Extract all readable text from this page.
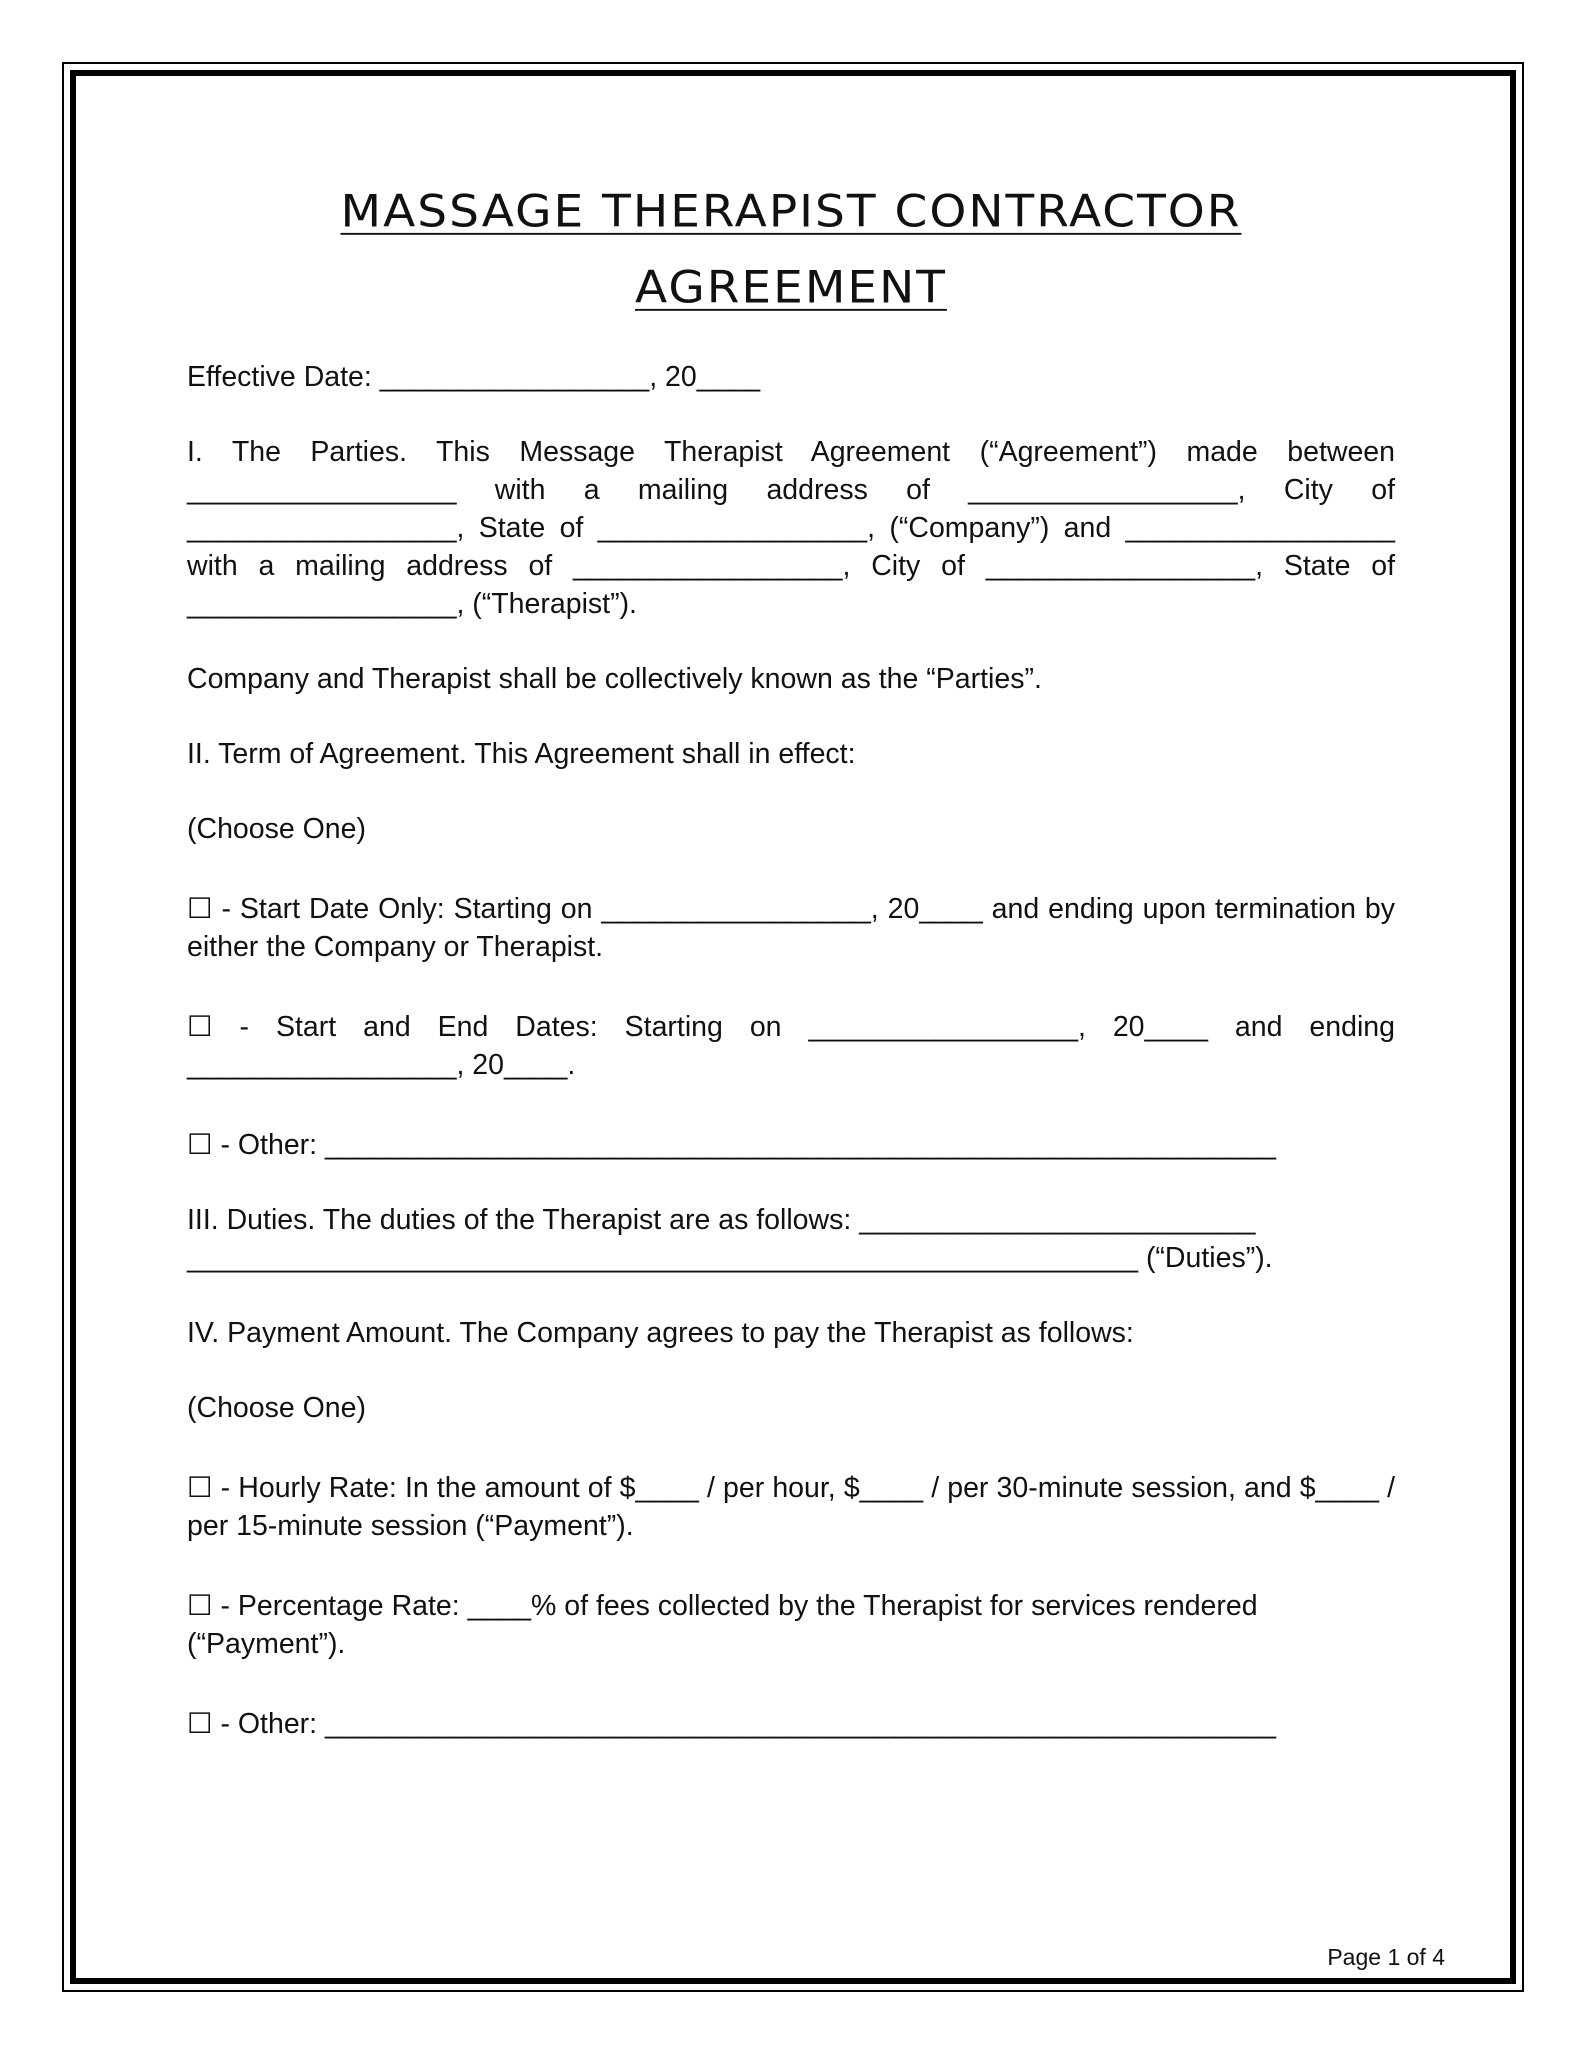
MASSAGE THERAPIST CONTRACTOR
AGREEMENT

Effective Date: _________________, 20____

I. The Parties. This Message Therapist Agreement (“Agreement”) made between _________________ with a mailing address of _________________, City of _________________, State of _________________, (“Company”) and _________________ with a mailing address of _________________, City of _________________, State of _________________, (“Therapist”).

Company and Therapist shall be collectively known as the “Parties”.

II. Term of Agreement. This Agreement shall in effect:

(Choose One)

☐ - Start Date Only: Starting on _________________, 20____ and ending upon termination by either the Company or Therapist.

☐ - Start and End Dates: Starting on _________________, 20____ and ending _________________, 20____.

☐ - Other: ____________________________________________________________

III. Duties. The duties of the Therapist are as follows: _________________________ ____________________________________________________________ (“Duties”).

IV. Payment Amount. The Company agrees to pay the Therapist as follows:

(Choose One)

☐ - Hourly Rate: In the amount of $____ / per hour, $____ / per 30-minute session, and $____ / per 15-minute session (“Payment”).

☐ - Percentage Rate: ____% of fees collected by the Therapist for services rendered (“Payment”).

☐ - Other: ____________________________________________________________

Page 1 of 4
